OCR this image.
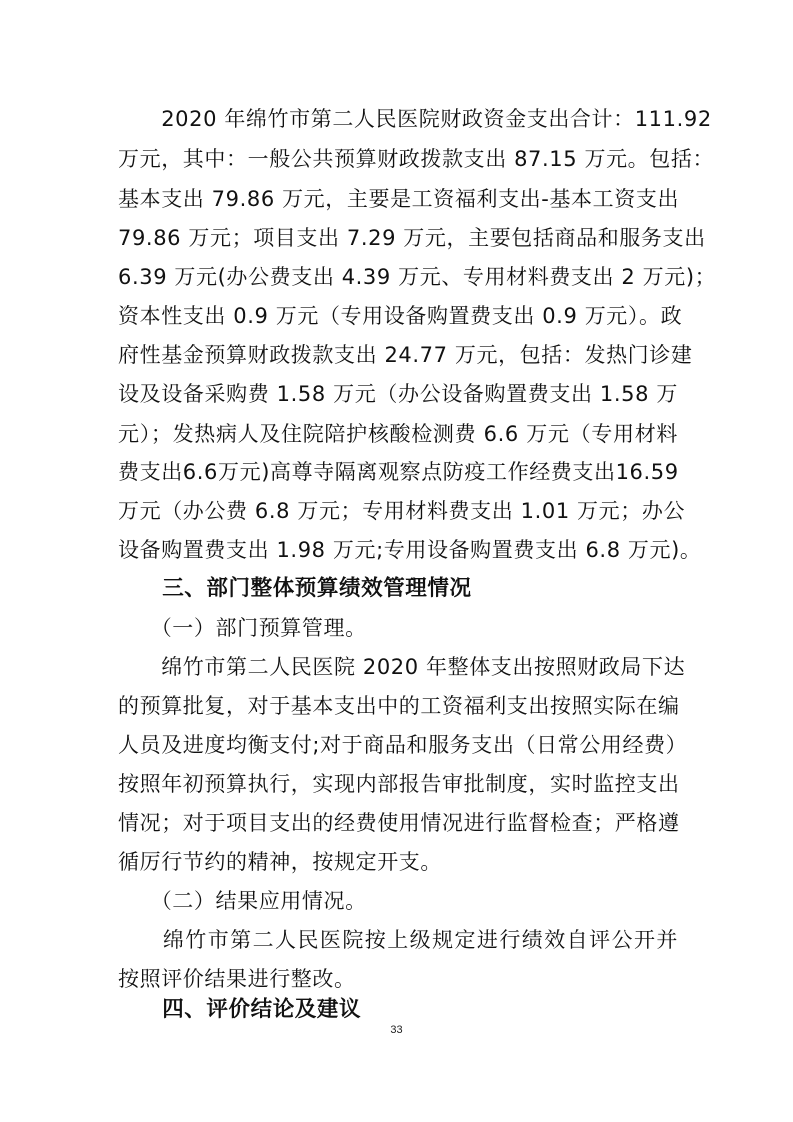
　　2020 年绵竹市第二人民医院财政资金支出合计：111.92
万元，其中：一般公共预算财政拨款支出 87.15 万元。包括：
基本支出 79.86 万元，主要是工资福利支出-基本工资支出
79.86 万元；项目支出 7.29 万元，主要包括商品和服务支出
6.39 万元(办公费支出 4.39 万元、专用材料费支出 2 万元)；
资本性支出 0.9 万元（专用设备购置费支出 0.9 万元）。政
府性基金预算财政拨款支出 24.77 万元，包括：发热门诊建
设及设备采购费 1.58 万元（办公设备购置费支出 1.58 万
元）；发热病人及住院陪护核酸检测费 6.6 万元（专用材料
费支出6.6万元)高尊寺隔离观察点防疫工作经费支出16.59
万元（办公费 6.8 万元；专用材料费支出 1.01 万元；办公
设备购置费支出 1.98 万元;专用设备购置费支出 6.8 万元)。
　　三、部门整体预算绩效管理情况
　　（一）部门预算管理。
　　绵竹市第二人民医院 2020 年整体支出按照财政局下达
的预算批复，对于基本支出中的工资福利支出按照实际在编
人员及进度均衡支付;对于商品和服务支出（日常公用经费）
按照年初预算执行，实现内部报告审批制度，实时监控支出
情况；对于项目支出的经费使用情况进行监督检查；严格遵
循厉行节约的精神，按规定开支。
　　（二）结果应用情况。
　　绵竹市第二人民医院按上级规定进行绩效自评公开并
按照评价结果进行整改。
　　四、评价结论及建议
33
